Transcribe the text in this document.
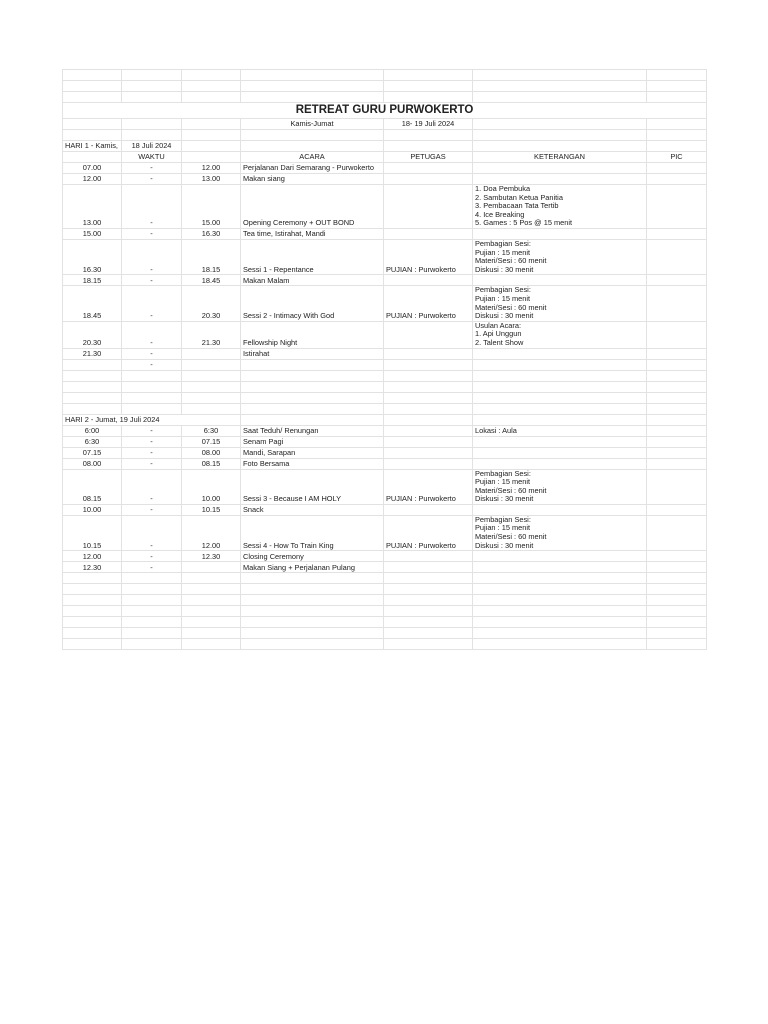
RETREAT GURU PURWOKERTO						
			Kamis-Jumat	18- 19 Juli 2024		

HARI 1 - Kamis,	18 Juli 2024					
	WAKTU		ACARA	PETUGAS	KETERANGAN	PIC
07.00	-	12.00	Perjalanan Dari Semarang - Purwokerto			
12.00	-	13.00	Makan siang			
13.00	-	15.00	Opening Ceremony + OUT BOND		1. Doa Pembuka
2. Sambutan Ketua Panitia
3. Pembacaan Tata Tertib
4. Ice Breaking
5. Games : 5 Pos @ 15 menit	
15.00	-	16.30	Tea time, Istirahat, Mandi			
16.30	-	18.15	Sessi 1 - Repentance	PUJIAN : Purwokerto	Pembagian Sesi:
Pujian : 15 menit
Materi/Sesi : 60 menit
Diskusi : 30 menit	
18.15	-	18.45	Makan Malam			
18.45	-	20.30	Sessi 2 - Intimacy With God	PUJIAN : Purwokerto	Pembagian Sesi:
Pujian : 15 menit
Materi/Sesi : 60 menit
Diskusi : 30 menit	
20.30	-	21.30	Fellowship Night		Usulan Acara:
1. Api Unggun
2. Talent Show	
21.30	-		Istirahat			
	-					

HARI 2 - Jumat, 19 Juli 2024						
6:00	-	6:30	Saat Teduh/ Renungan		Lokasi : Aula	
6:30	-	07.15	Senam Pagi			
07.15	-	08.00	Mandi, Sarapan			
08.00	-	08.15	Foto Bersama			
08.15	-	10.00	Sessi 3 - Because I AM HOLY	PUJIAN : Purwokerto	Pembagian Sesi:
Pujian : 15 menit
Materi/Sesi : 60 menit
Diskusi : 30 menit	
10.00	-	10.15	Snack			
10.15	-	12.00	Sessi 4 - How To Train King	PUJIAN : Purwokerto	Pembagian Sesi:
Pujian : 15 menit
Materi/Sesi : 60 menit
Diskusi : 30 menit	
12.00	-	12.30	Closing Ceremony			
12.30	-		Makan Siang + Perjalanan Pulang			
